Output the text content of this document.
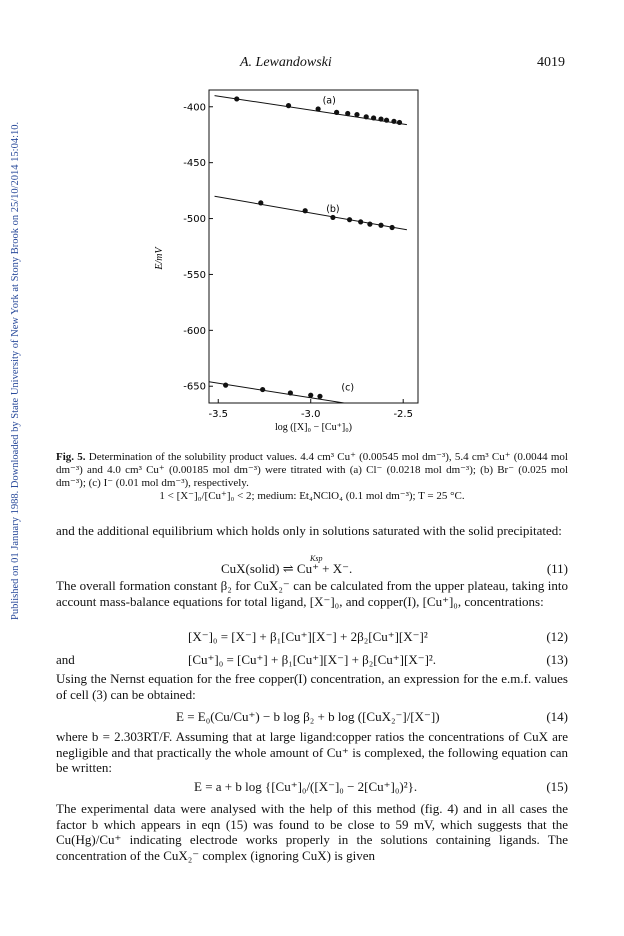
Published on 01 January 1988. Downloaded by State University of New York at Stony Brook on 25/10/2014 15:04:10.
A. Lewandowski	4019
-400
-450
-500
-550
-600
-650
-3.5	-3.0	-2.5
E/mV
log ([X]₀ − [Cu⁺]₀)
(a)
(b)
(c)
Fig. 5. Determination of the solubility product values. 4.4 cm³ Cu⁺ (0.00545 mol dm⁻³), 5.4 cm³ Cu⁺ (0.0044 mol dm⁻³) and 4.0 cm³ Cu⁺ (0.00185 mol dm⁻³) were titrated with (a) Cl⁻ (0.0218 mol dm⁻³); (b) Br⁻ (0.025 mol dm⁻³); (c) I⁻ (0.01 mol dm⁻³), respectively.
1 < [X⁻]₀/[Cu⁺]₀ < 2; medium: Et₄NClO₄ (0.1 mol dm⁻³); T = 25 °C.
and the additional equilibrium which holds only in solutions saturated with the solid precipitated:
CuX(solid) ⇌ Cu⁺ + X⁻.
Ksp
(11)
The overall formation constant β₂ for CuX₂⁻ can be calculated from the upper plateau, taking into account mass-balance equations for total ligand, [X⁻]₀, and copper(I), [Cu⁺]₀, concentrations:
[X⁻]₀ = [X⁻] + β₁[Cu⁺][X⁻] + 2β₂[Cu⁺][X⁻]²	(12)
and	[Cu⁺]₀ = [Cu⁺] + β₁[Cu⁺][X⁻] + β₂[Cu⁺][X⁻]².	(13)
Using the Nernst equation for the free copper(I) concentration, an expression for the e.m.f. values of cell (3) can be obtained:
E = E₀(Cu/Cu⁺) − b log β₂ + b log ([CuX₂⁻]/[X⁻])	(14)
where b = 2.303RT/F. Assuming that at large ligand:copper ratios the concentrations of CuX are negligible and that practically the whole amount of Cu⁺ is complexed, the following equation can be written:
E = a + b log {[Cu⁺]₀/([X⁻]₀ − 2[Cu⁺]₀)²}.	(15)
The experimental data were analysed with the help of this method (fig. 4) and in all cases the factor b which appears in eqn (15) was found to be close to 59 mV, which suggests that the Cu(Hg)/Cu⁺ indicating electrode works properly in the solutions containing ligands. The concentration of the CuX₂⁻ complex (ignoring CuX) is given
